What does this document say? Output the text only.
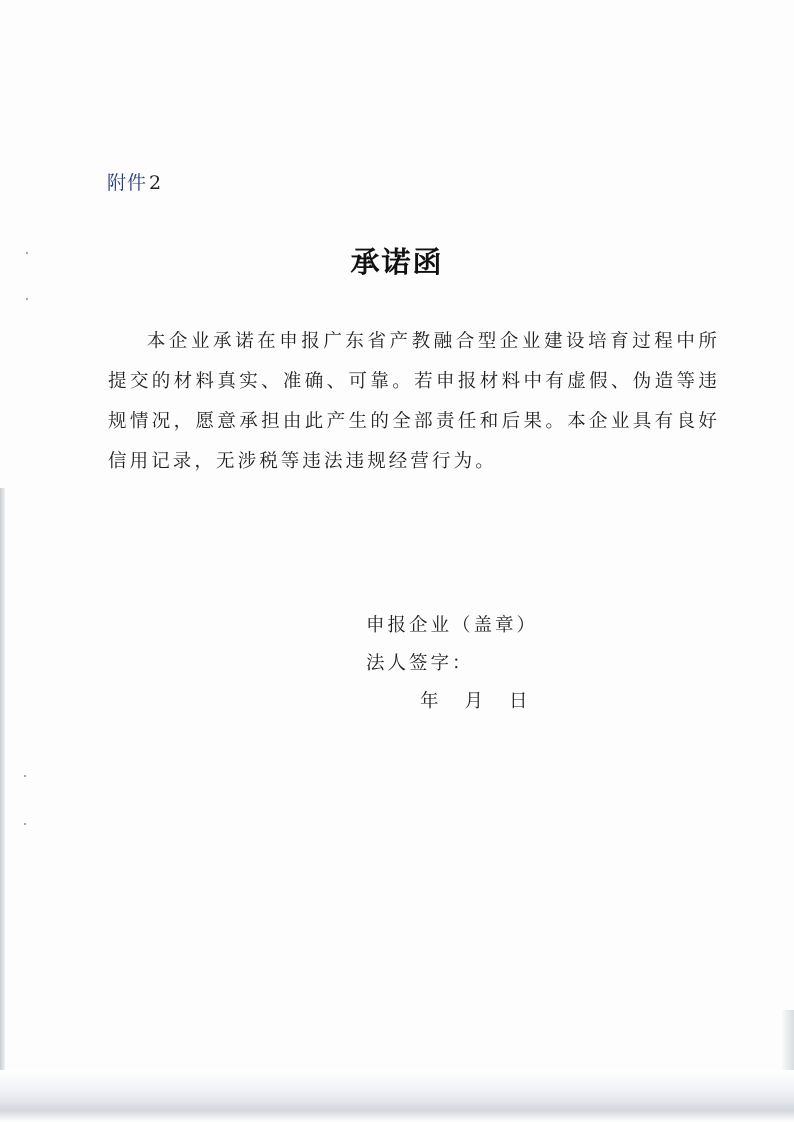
附件 2
承诺函

本企业承诺在申报广东省产教融合型企业建设培育过程中所提交的材料真实、准确、可靠。若申报材料中有虚假、伪造等违规情况，愿意承担由此产生的全部责任和后果。本企业具有良好信用记录，无涉税等违法违规经营行为。

申报企业（盖章）
法人签字：
年 月 日
